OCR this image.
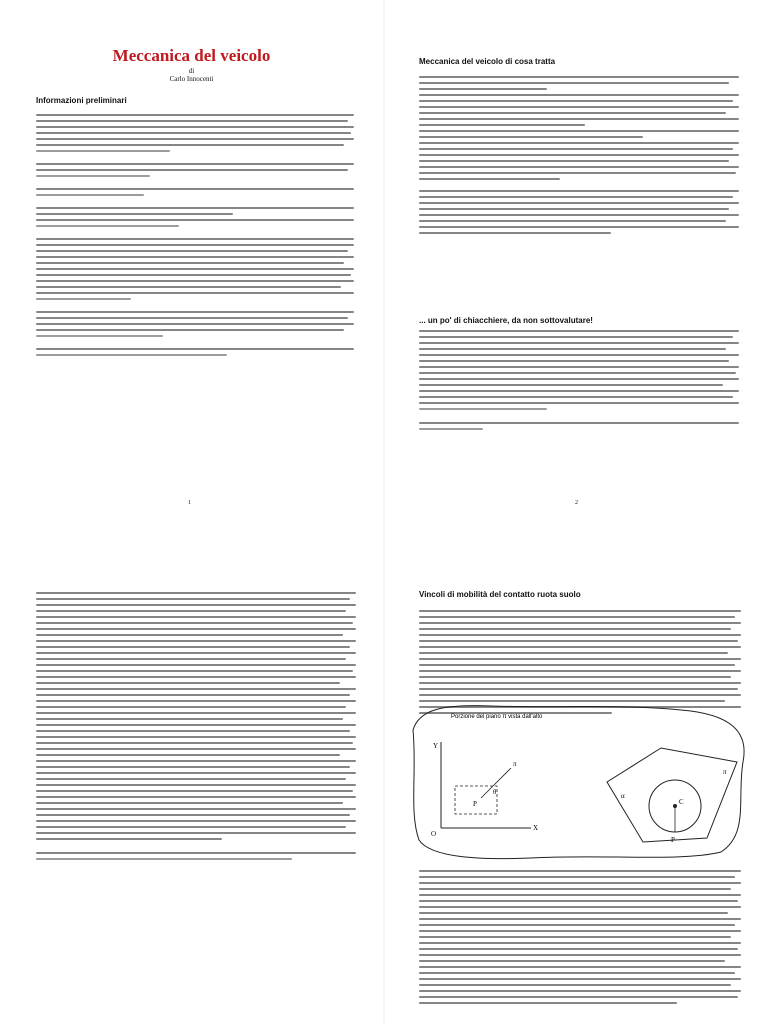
Meccanica del veicolo
di
Carlo Innocenti
Informazioni preliminari
1
Meccanica del veicolo di cosa tratta
... un po' di chiacchiere, da non sottovalutare!
2
Vincoli di mobilità del contatto ruota suolo
Porzione del piano π vista dall'alto
Y
X
O
P
π
θ
C
P
π
α
